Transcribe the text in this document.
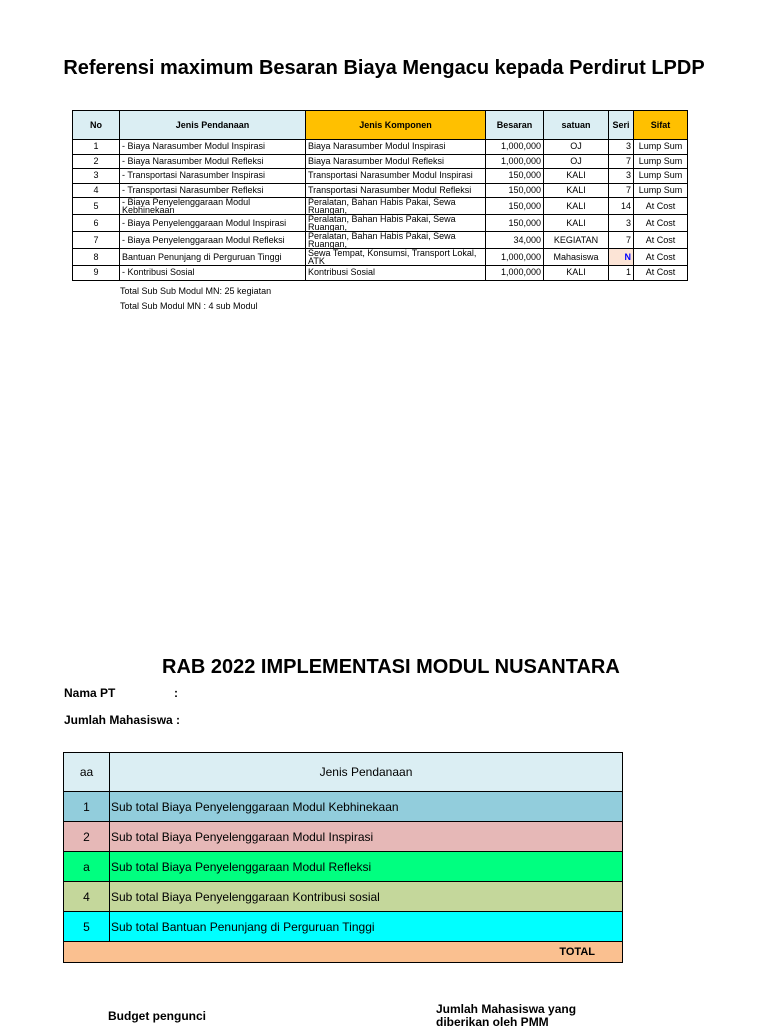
Referensi maximum Besaran Biaya Mengacu kepada Perdirut LPDP
No	Jenis Pendanaan	Jenis Komponen	Besaran	satuan	Seri	Sifat
1	- Biaya Narasumber Modul Inspirasi	Biaya Narasumber Modul Inspirasi	1,000,000	OJ	3	Lump Sum
2	- Biaya Narasumber Modul Refleksi	Biaya Narasumber Modul Refleksi	1,000,000	OJ	7	Lump Sum
3	- Transportasi Narasumber Inspirasi	Transportasi Narasumber Modul Inspirasi	150,000	KALI	3	Lump Sum
4	- Transportasi Narasumber Refleksi	Transportasi Narasumber Modul Refleksi	150,000	KALI	7	Lump Sum
5	- Biaya Penyelenggaraan Modul Kebhinekaan	Peralatan, Bahan Habis Pakai, Sewa Ruangan,	150,000	KALI	14	At Cost
6	- Biaya Penyelenggaraan Modul Inspirasi	Peralatan, Bahan Habis Pakai, Sewa Ruangan,	150,000	KALI	3	At Cost
7	- Biaya Penyelenggaraan Modul Refleksi	Peralatan, Bahan Habis Pakai, Sewa Ruangan,	34,000	KEGIATAN	7	At Cost
8	Bantuan Penunjang di Perguruan Tinggi	Sewa Tempat, Konsumsi, Transport Lokal, ATK	1,000,000	Mahasiswa	N	At Cost
9	- Kontribusi Sosial	Kontribusi Sosial	1,000,000	KALI	1	At Cost
Total Sub Sub Modul MN: 25 kegiatan
Total Sub Modul MN : 4 sub Modul
RAB 2022 IMPLEMENTASI MODUL NUSANTARA
Nama PT	:
Jumlah Mahasiswa :
aa	Jenis Pendanaan
1	Sub total Biaya Penyelenggaraan Modul Kebhinekaan
2	Sub total Biaya Penyelenggaraan Modul Inspirasi
a	Sub total Biaya Penyelenggaraan Modul Refleksi
4	Sub total Biaya Penyelenggaraan Kontribusi sosial
5	Sub total Bantuan Penunjang di Perguruan Tinggi
TOTAL	
Budget pengunci	Jumlah Mahasiswa yang diberikan oleh PMM
